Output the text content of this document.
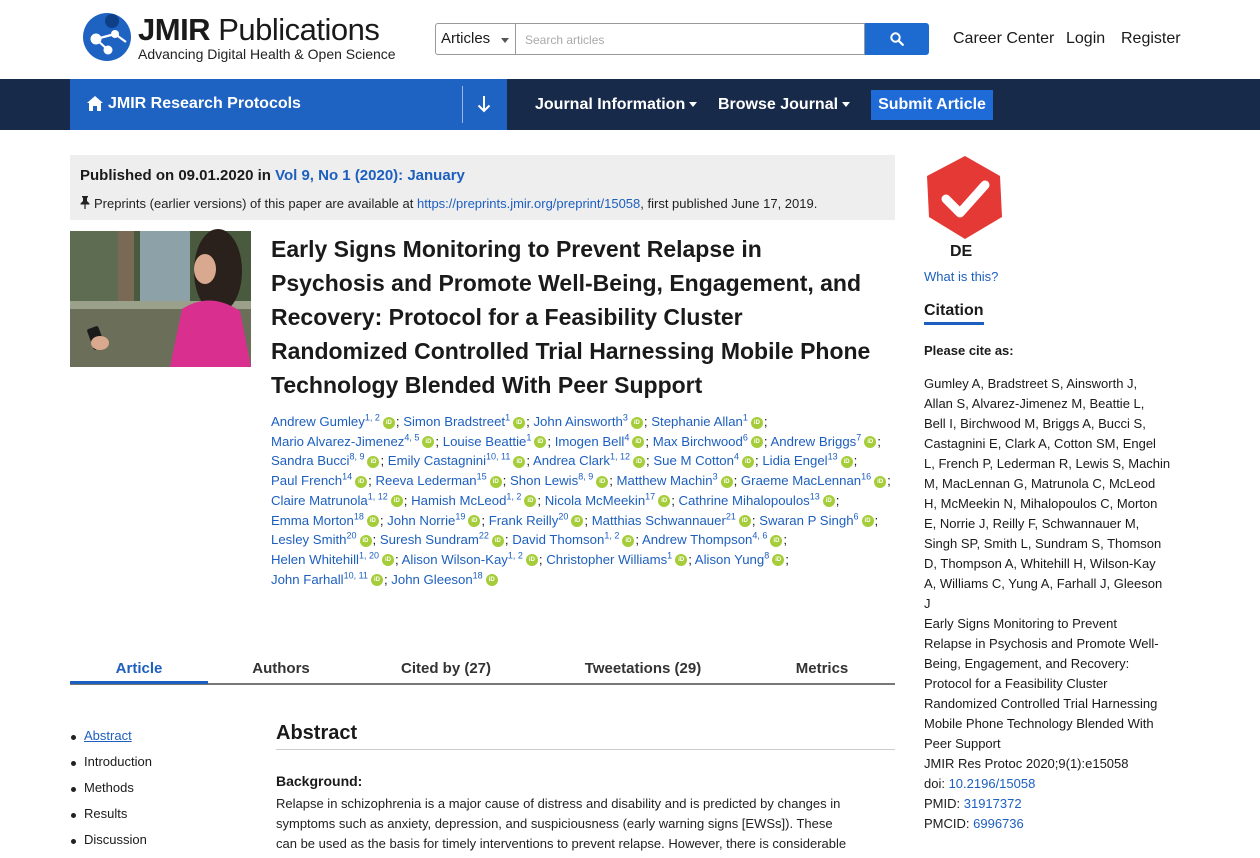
JMIR Publications
Advancing Digital Health & Open Science
Articles	Search articles	Career Center Login Register
JMIR Research Protocols	Journal Information	Browse Journal	Submit Article
Published on 09.01.2020 in Vol 9, No 1 (2020): January
Preprints (earlier versions) of this paper are available at https://preprints.jmir.org/preprint/15058, first published June 17, 2019.
Early Signs Monitoring to Prevent Relapse in Psychosis and Promote Well-Being, Engagement, and Recovery: Protocol for a Feasibility Cluster Randomized Controlled Trial Harnessing Mobile Phone Technology Blended With Peer Support
Andrew Gumley$^{1, 2}$ iD ; Simon Bradstreet$^1$ iD ; John Ainsworth$^3$ iD ; Stephanie Allan$^1$ iD ; Mario Alvarez-Jimenez$^{4, 5}$ iD ; Louise Beattie$^1$ iD ; Imogen Bell$^4$ iD ; Max Birchwood$^6$ iD ; Andrew Briggs$^7$ iD ; Sandra Bucci$^{8, 9}$ iD ; Emily Castagnini$^{10, 11}$ iD ; Andrea Clark$^{1, 12}$ iD ; Sue M Cotton$^4$ iD ; Lidia Engel$^{13}$ iD ; Paul French$^{14}$ iD ; Reeva Lederman$^{15}$ iD ; Shon Lewis$^{8, 9}$ iD ; Matthew Machin$^3$ iD ; Graeme MacLennan$^{16}$ iD ; Claire Matrunola$^{1, 12}$ iD ; Hamish McLeod$^{1, 2}$ iD ; Nicola McMeekin$^{17}$ iD ; Cathrine Mihalopoulos$^{13}$ iD ; Emma Morton$^{18}$ iD ; John Norrie$^{19}$ iD ; Frank Reilly$^{20}$ iD ; Matthias Schwannauer$^{21}$ iD ; Swaran P Singh$^6$ iD ; Lesley Smith$^{20}$ iD ; Suresh Sundram$^{22}$ iD ; David Thomson$^{1, 2}$ iD ; Andrew Thompson$^{4, 6}$ iD ; Helen Whitehill$^{1, 20}$ iD ; Alison Wilson-Kay$^{1, 2}$ iD ; Christopher Williams$^1$ iD ; Alison Yung$^8$ iD ; John Farhall$^{10, 11}$ iD ; John Gleeson$^{18}$ iD
Article	Authors	Cited by (27)	Tweetations (29)	Metrics
Abstract
Introduction
Methods
Results
Discussion
Abstract
Background:
Relapse in schizophrenia is a major cause of distress and disability and is predicted by changes in
symptoms such as anxiety, depression, and suspiciousness (early warning signs [EWSs]). These
can be used as the basis for timely interventions to prevent relapse. However, there is considerable
DE
What is this?
Citation
Please cite as:
Gumley A, Bradstreet S, Ainsworth J,
Allan S, Alvarez-Jimenez M, Beattie L,
Bell I, Birchwood M, Briggs A, Bucci S,
Castagnini E, Clark A, Cotton SM, Engel
L, French P, Lederman R, Lewis S, Machin
M, MacLennan G, Matrunola C, McLeod
H, McMeekin N, Mihalopoulos C, Morton
E, Norrie J, Reilly F, Schwannauer M,
Singh SP, Smith L, Sundram S, Thomson
D, Thompson A, Whitehill H, Wilson-Kay
A, Williams C, Yung A, Farhall J, Gleeson
J
Early Signs Monitoring to Prevent
Relapse in Psychosis and Promote Well-
Being, Engagement, and Recovery:
Protocol for a Feasibility Cluster
Randomized Controlled Trial Harnessing
Mobile Phone Technology Blended With
Peer Support
JMIR Res Protoc 2020;9(1):e15058
doi: 10.2196/15058
PMID: 31917372
PMCID: 6996736
